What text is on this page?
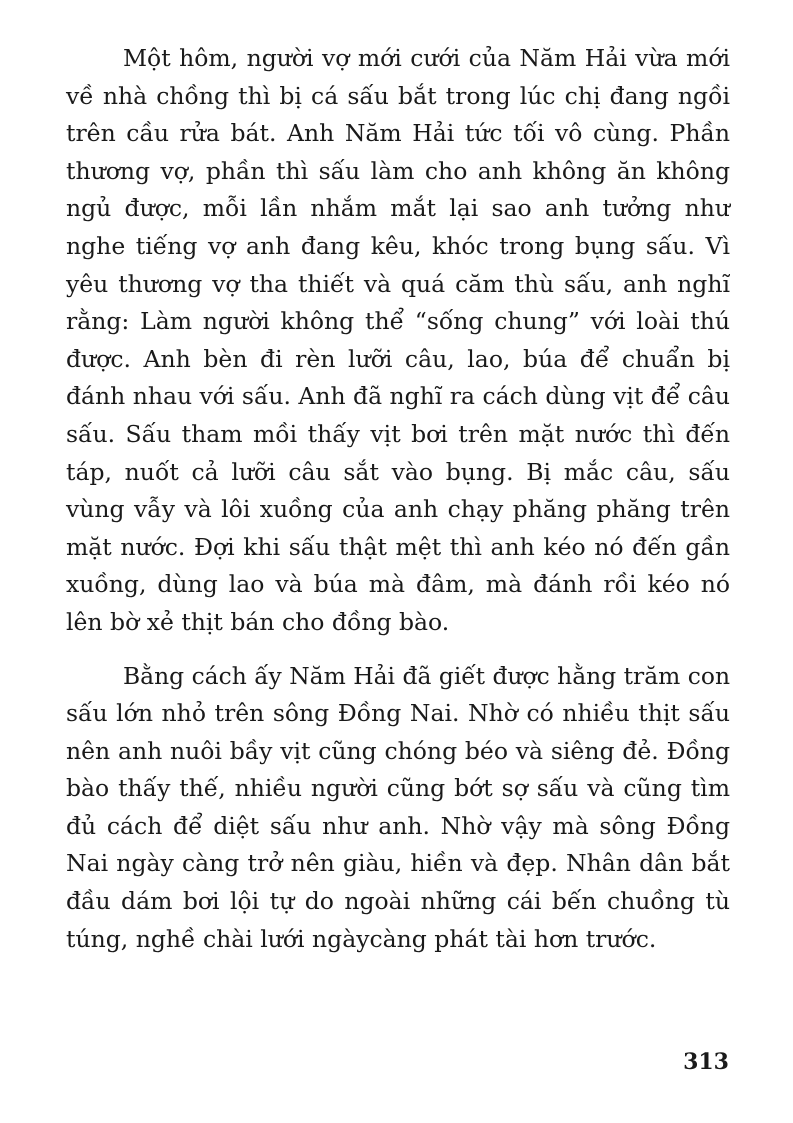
Một hôm, người vợ mới cưới của Năm Hải vừa mới
về nhà chồng thì bị cá sấu bắt trong lúc chị đang ngồi
trên cầu rửa bát. Anh Năm Hải tức tối vô cùng. Phần
thương vợ, phần thì sấu làm cho anh không ăn không
ngủ được, mỗi lần nhắm mắt lại sao anh tưởng như
nghe tiếng vợ anh đang kêu, khóc trong bụng sấu. Vì
yêu thương vợ tha thiết và quá căm thù sấu, anh nghĩ
rằng: Làm người không thể “sống chung” với loài thú
được. Anh bèn đi rèn lưỡi câu, lao, búa để chuẩn bị
đánh nhau với sấu. Anh đã nghĩ ra cách dùng vịt để câu
sấu. Sấu tham mồi thấy vịt bơi trên mặt nước thì đến
táp, nuốt cả lưỡi câu sắt vào bụng. Bị mắc câu, sấu
vùng vẫy và lôi xuồng của anh chạy phăng phăng trên
mặt nước. Đợi khi sấu thật mệt thì anh kéo nó đến gần
xuồng, dùng lao và búa mà đâm, mà đánh rồi kéo nó
lên bờ xẻ thịt bán cho đồng bào.
Bằng cách ấy Năm Hải đã giết được hằng trăm con
sấu lớn nhỏ trên sông Đồng Nai. Nhờ có nhiều thịt sấu
nên anh nuôi bầy vịt cũng chóng béo và siêng đẻ. Đồng
bào thấy thế, nhiều người cũng bớt sợ sấu và cũng tìm
đủ cách để diệt sấu như anh. Nhờ vậy mà sông Đồng
Nai ngày càng trở nên giàu, hiền và đẹp. Nhân dân bắt
đầu dám bơi lội tự do ngoài những cái bến chuồng tù
túng, nghề chài lưới ngàycàng phát tài hơn trước.
313
